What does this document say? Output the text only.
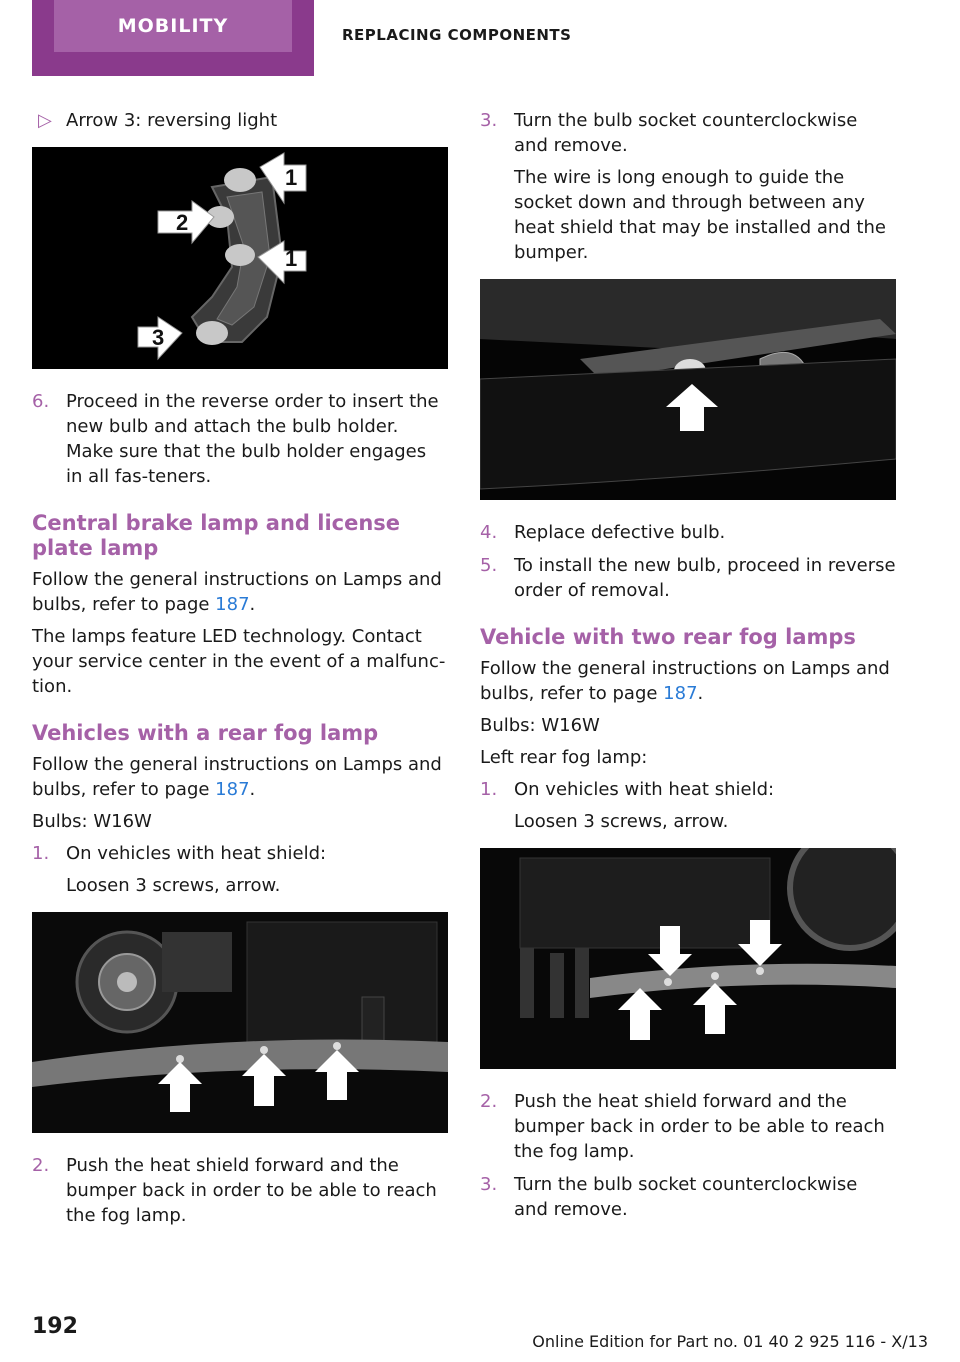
MOBILITY	REPLACING COMPONENTS
▷ Arrow 3: reversing light
1
2
1
3
6. Proceed in the reverse order to insert the new bulb and attach the bulb holder. Make sure that the bulb holder engages in all fas‐teners.
Central brake lamp and license plate lamp

Follow the general instructions on Lamps and bulbs, refer to page 187.

The lamps feature LED technology. Contact your service center in the event of a malfunc‐tion.

Vehicles with a rear fog lamp

Follow the general instructions on Lamps and bulbs, refer to page 187.

Bulbs: W16W

1. On vehicles with heat shield:

Loosen 3 screws, arrow.

2. Push the heat shield forward and the bumper back in order to be able to reach the fog lamp.
3. Turn the bulb socket counterclockwise and remove.

The wire is long enough to guide the socket down and through between any heat shield that may be installed and the bumper.

4. Replace defective bulb.
5. To install the new bulb, proceed in reverse order of removal.
Vehicle with two rear fog lamps

Follow the general instructions on Lamps and bulbs, refer to page 187.

Bulbs: W16W

Left rear fog lamp:

1. On vehicles with heat shield:

Loosen 3 screws, arrow.

2. Push the heat shield forward and the bumper back in order to be able to reach the fog lamp.
3. Turn the bulb socket counterclockwise and remove.
192
Online Edition for Part no. 01 40 2 925 116 - X/13
